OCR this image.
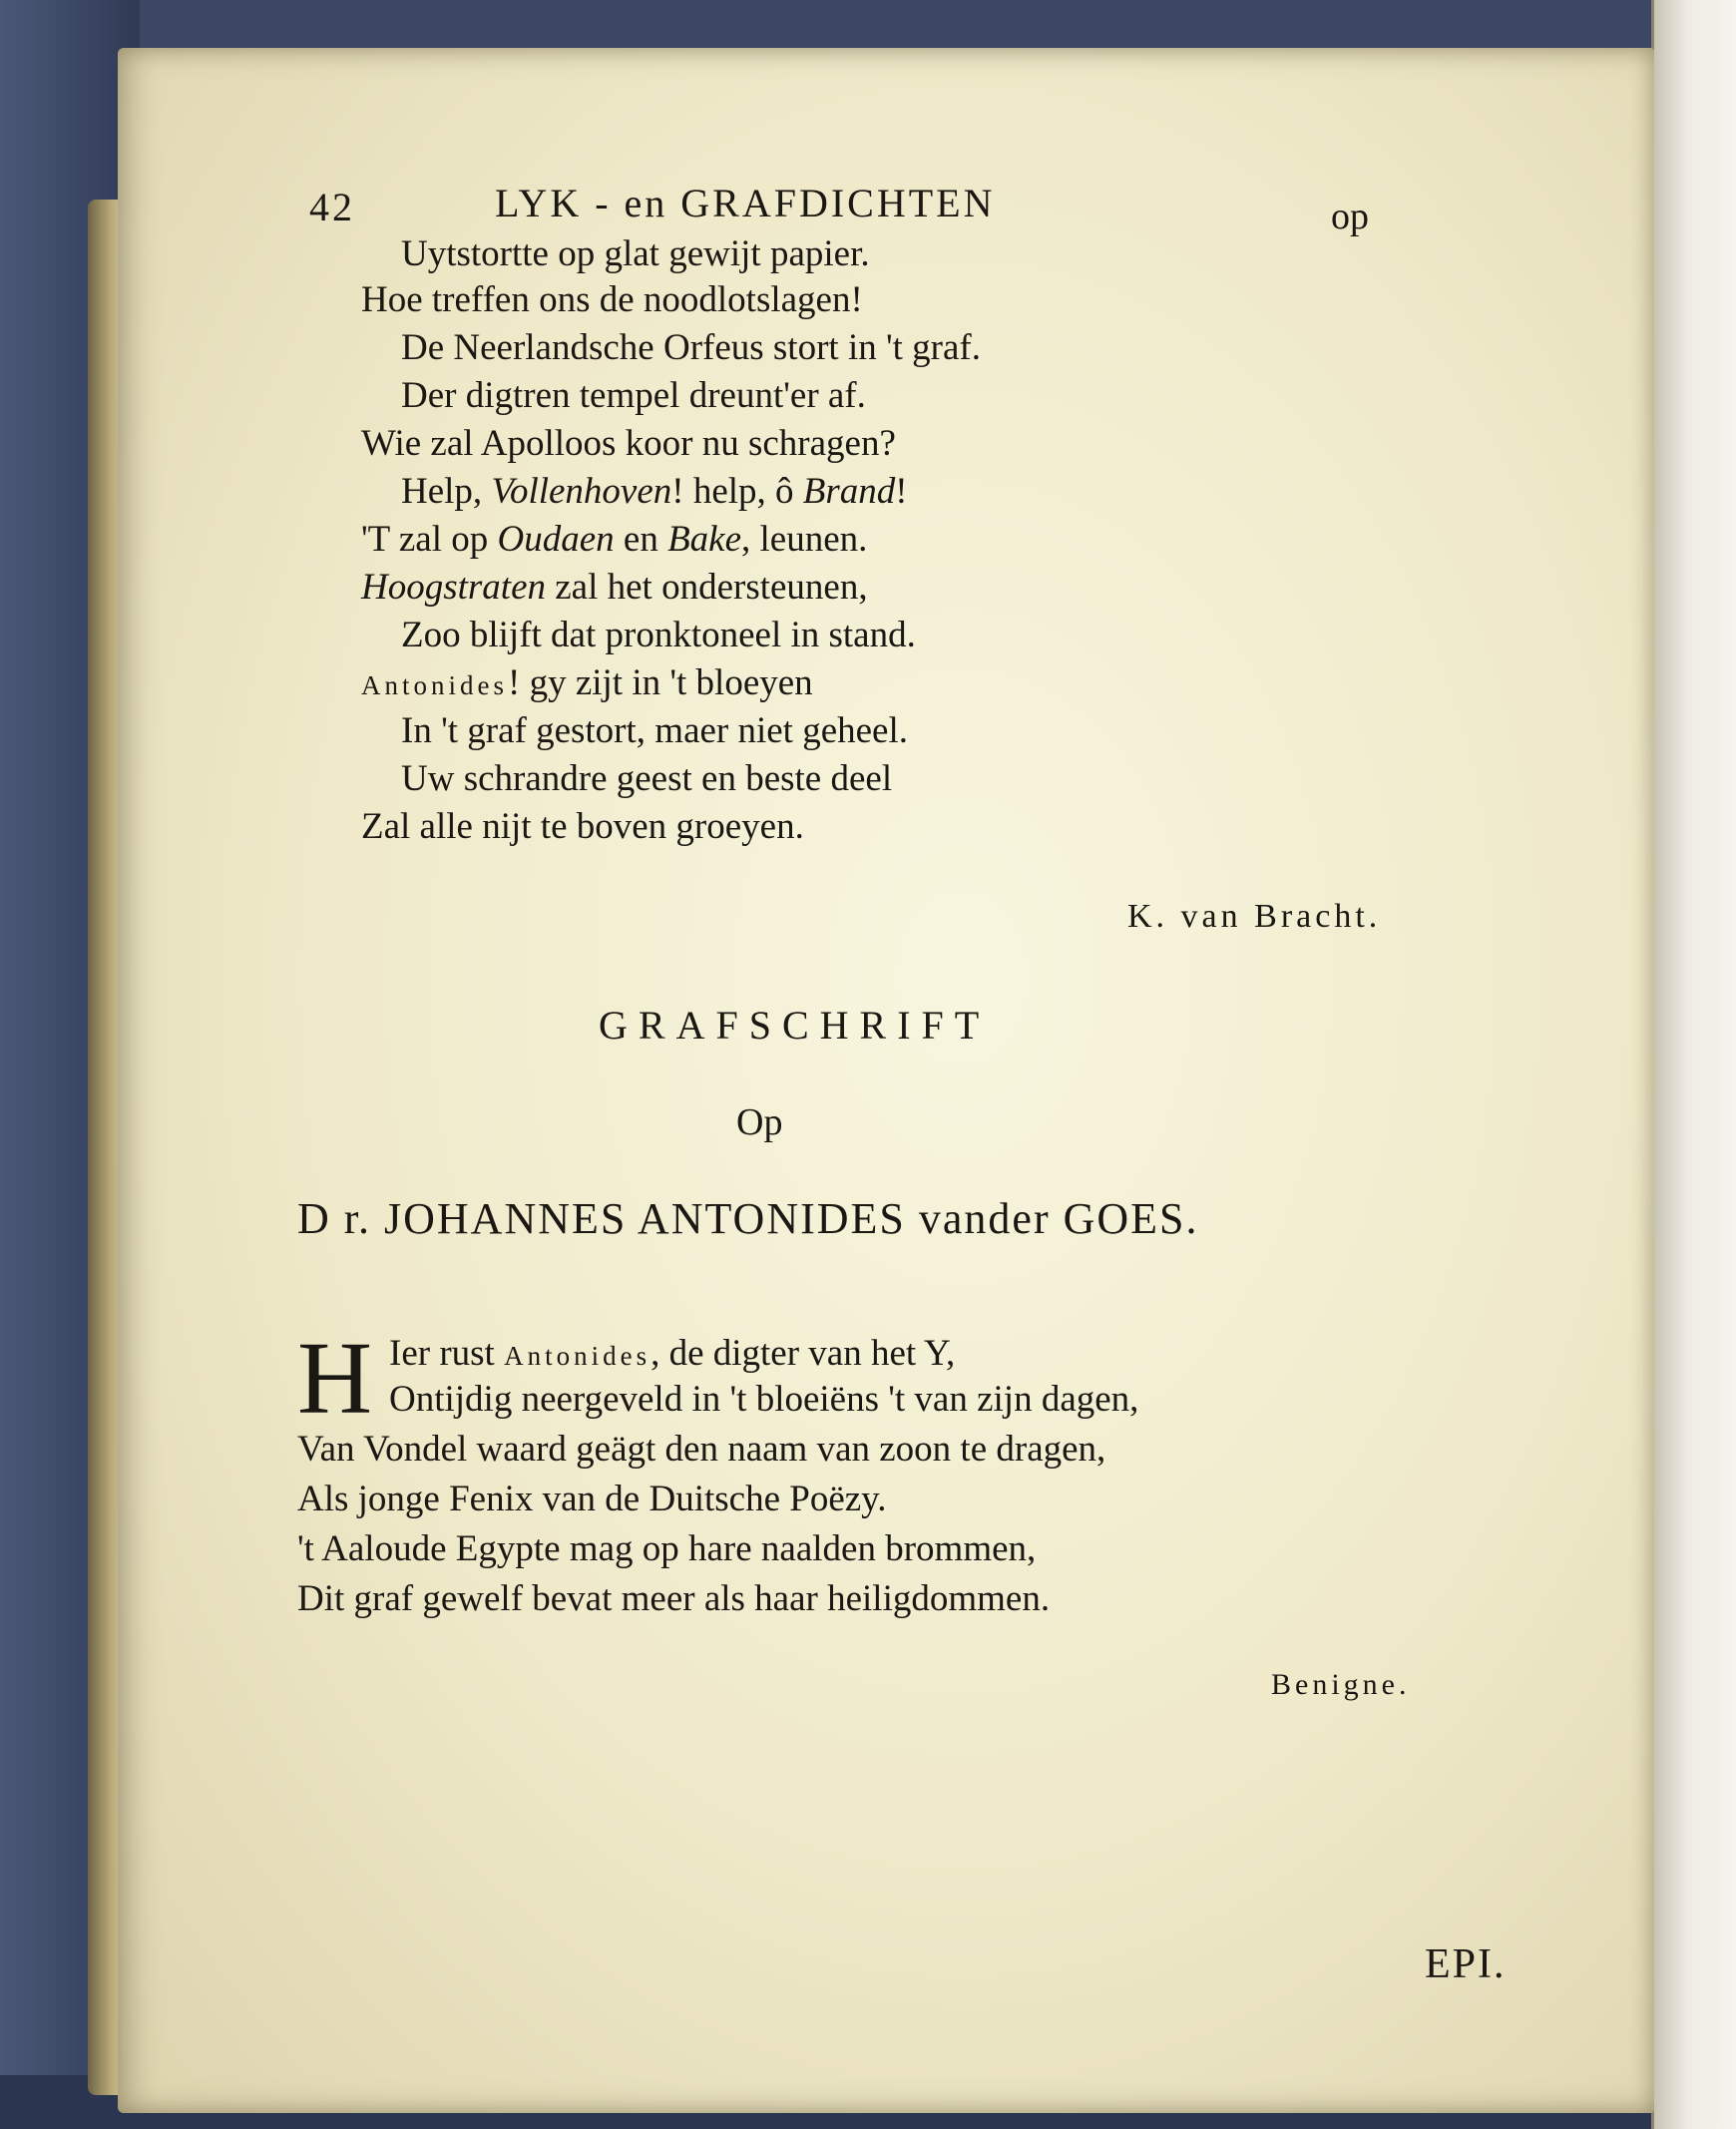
42	LYK - en GRAFDICHTEN	op
Uytstortte op glat gewijt papier.
Hoe treffen ons de noodlotslagen!
De Neerlandsche Orfeus stort in 't graf.
Der digtren tempel dreunt'er af.
Wie zal Apolloos koor nu schragen?
Help, Vollenhoven! help, ô Brand!
'T zal op Oudaen en Bake, leunen.
Hoogstraten zal het ondersteunen,
Zoo blijft dat pronktoneel in stand.
Antonides! gy zijt in 't bloeyen
In 't graf gestort, maer niet geheel.
Uw schrandre geest en beste deel
Zal alle nijt te boven groeyen.
K. van Bracht.
GRAFSCHRIFT
Op
D r. JOHANNES ANTONIDES vander GOES.
H Ier rust Antonides, de digter van het Y,
Ontijdig neergeveld in 't bloeiëns 't van zijn dagen,
Van Vondel waard geägt den naam van zoon te dragen,
Als jonge Fenix van de Duitsche Poëzy.
't Aaloude Egypte mag op hare naalden brommen,
Dit graf gewelf bevat meer als haar heiligdommen.
Benigne.
EPI.
